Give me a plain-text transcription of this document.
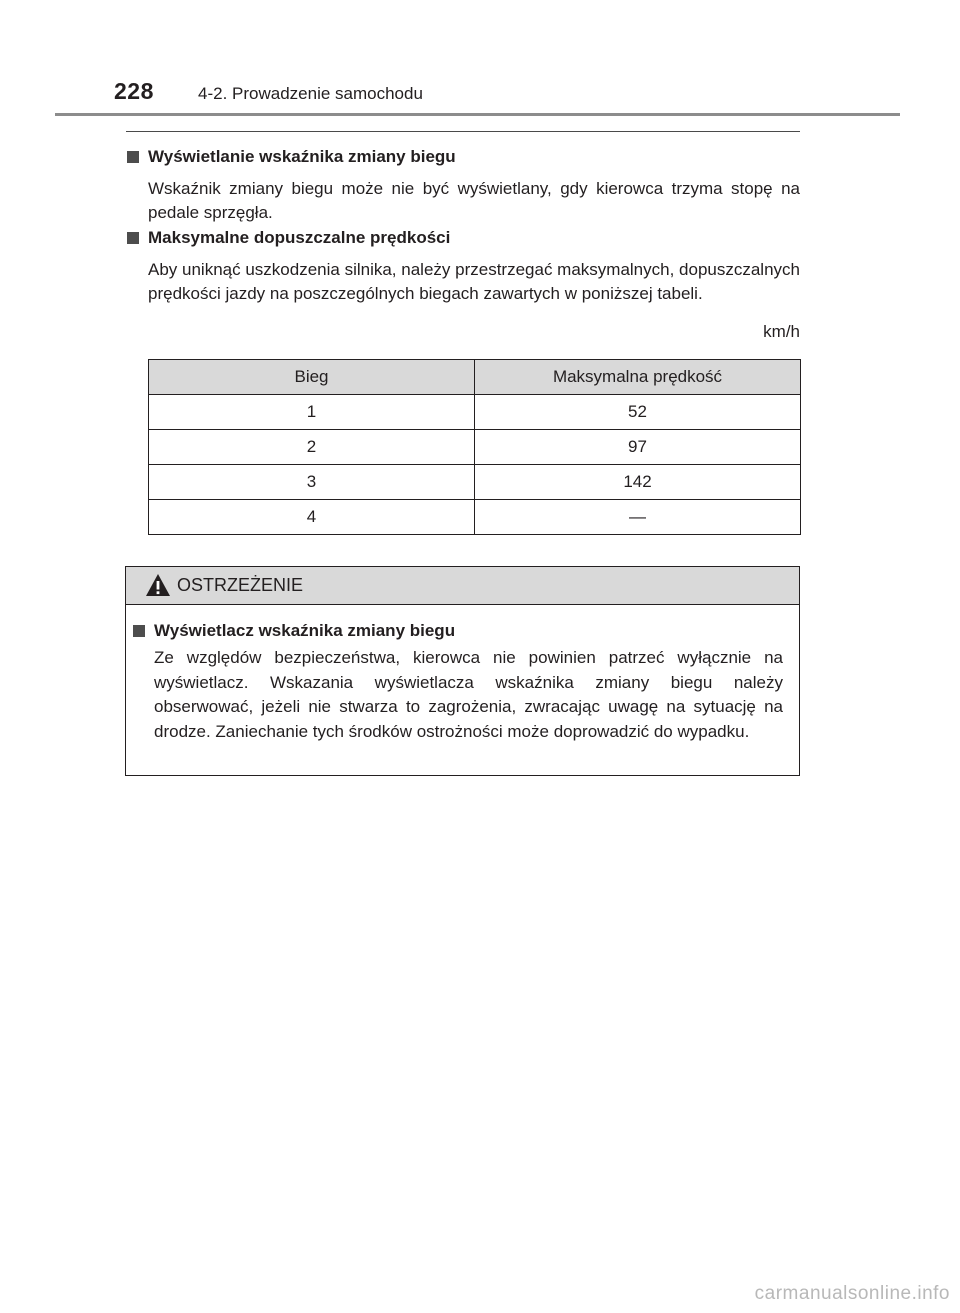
228	4-2. Prowadzenie samochodu
Wyświetlanie wskaźnika zmiany biegu
Wskaźnik zmiany biegu może nie być wyświetlany, gdy kierowca trzyma stopę na pedale sprzęgła.
Maksymalne dopuszczalne prędkości
Aby uniknąć uszkodzenia silnika, należy przestrzegać maksymalnych, dopuszczalnych prędkości jazdy na poszczególnych biegach zawartych w poniższej tabeli.
km/h
Bieg	Maksymalna prędkość
1	52
2	97
3	142
4	—
OSTRZEŻENIE
Wyświetlacz wskaźnika zmiany biegu
Ze względów bezpieczeństwa, kierowca nie powinien patrzeć wyłącznie na wyświetlacz. Wskazania wyświetlacza wskaźnika zmiany biegu należy obserwować, jeżeli nie stwarza to zagrożenia, zwracając uwagę na sytuację na drodze. Zaniechanie tych środków ostrożności może doprowadzić do wypadku.
carmanualsonline.info
